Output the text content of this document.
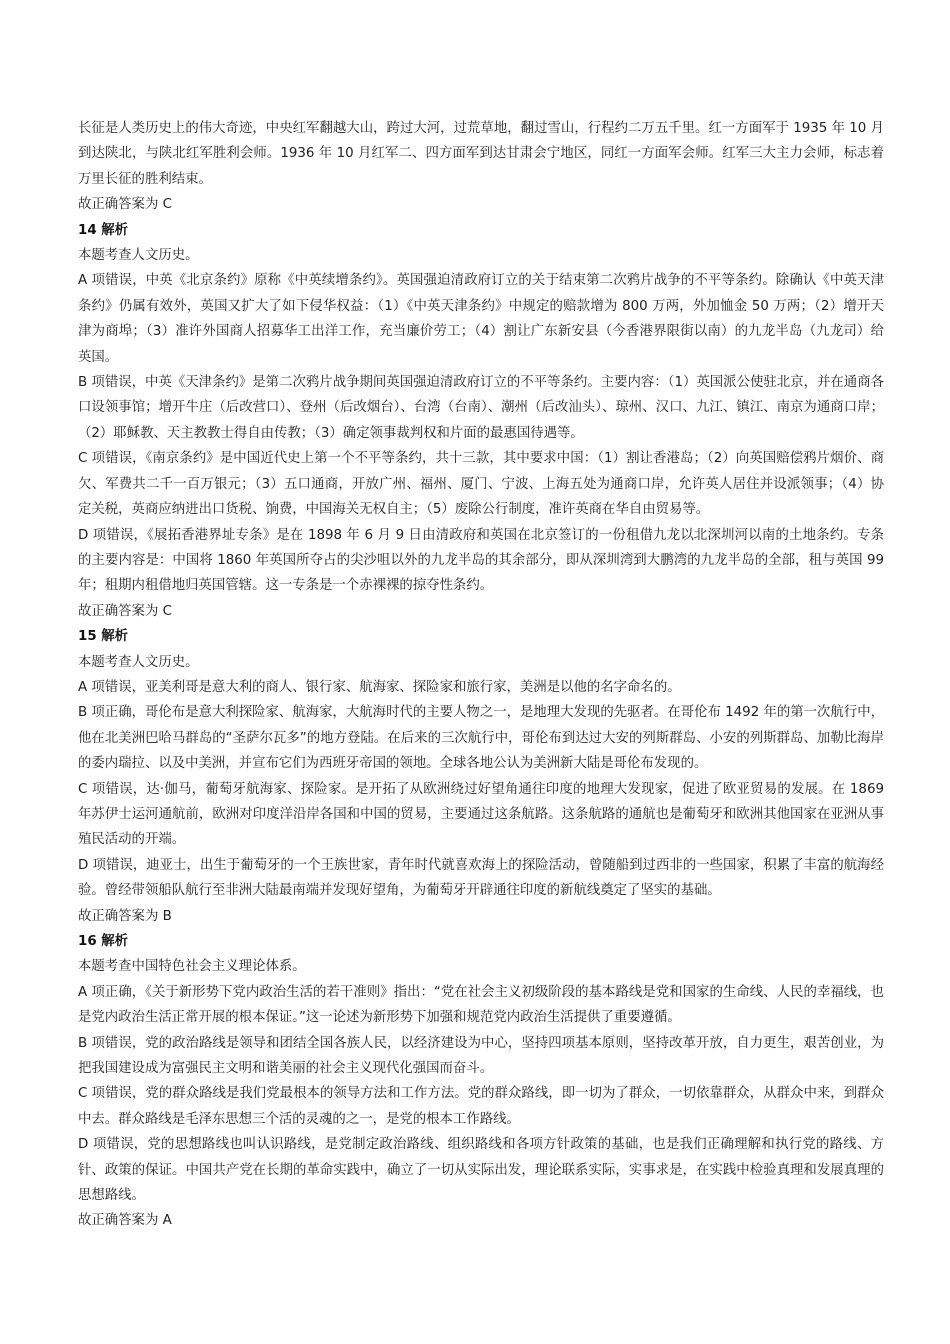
长征是人类历史上的伟大奇迹，中央红军翻越大山，跨过大河，过荒草地，翻过雪山，行程约二万五千里。红一方面军于 1935 年 10 月到达陕北，与陕北红军胜利会师。1936 年 10 月红军二、四方面军到达甘肃会宁地区，同红一方面军会师。红军三大主力会师，标志着万里长征的胜利结束。

故正确答案为 C

14 解析

本题考查人文历史。

A 项错误，中英《北京条约》原称《中英续增条约》。英国强迫清政府订立的关于结束第二次鸦片战争的不平等条约。除确认《中英天津条约》仍属有效外，英国又扩大了如下侵华权益：（1）《中英天津条约》中规定的赔款增为 800 万两，外加恤金 50 万两；（2）增开天津为商埠；（3）准许外国商人招募华工出洋工作，充当廉价劳工；（4）割让广东新安县（今香港界限街以南）的九龙半岛（九龙司）给英国。

B 项错误，中英《天津条约》是第二次鸦片战争期间英国强迫清政府订立的不平等条约。主要内容：（1）英国派公使驻北京，并在通商各口设领事馆；增开牛庄（后改营口）、登州（后改烟台）、台湾（台南）、潮州（后改汕头）、琼州、汉口、九江、镇江、南京为通商口岸；（2）耶稣教、天主教教士得自由传教；（3）确定领事裁判权和片面的最惠国待遇等。

C 项错误，《南京条约》是中国近代史上第一个不平等条约，共十三款，其中要求中国：（1）割让香港岛；（2）向英国赔偿鸦片烟价、商欠、军费共二千一百万银元；（3）五口通商，开放广州、福州、厦门、宁波、上海五处为通商口岸，允许英人居住并设派领事；（4）协定关税，英商应纳进出口货税、饷费，中国海关无权自主；（5）废除公行制度，准许英商在华自由贸易等。

D 项错误，《展拓香港界址专条》是在 1898 年 6 月 9 日由清政府和英国在北京签订的一份租借九龙以北深圳河以南的土地条约。专条的主要内容是：中国将 1860 年英国所夺占的尖沙咀以外的九龙半岛的其余部分，即从深圳湾到大鹏湾的九龙半岛的全部，租与英国 99 年；租期内租借地归英国管辖。这一专条是一个赤裸裸的掠夺性条约。

故正确答案为 C

15 解析

本题考查人文历史。

A 项错误，亚美利哥是意大利的商人、银行家、航海家、探险家和旅行家，美洲是以他的名字命名的。

B 项正确，哥伦布是意大利探险家、航海家，大航海时代的主要人物之一，是地理大发现的先驱者。在哥伦布 1492 年的第一次航行中，他在北美洲巴哈马群岛的“圣萨尔瓦多”的地方登陆。在后来的三次航行中，哥伦布到达过大安的列斯群岛、小安的列斯群岛、加勒比海岸的委内瑞拉、以及中美洲，并宣布它们为西班牙帝国的领地。全球各地公认为美洲新大陆是哥伦布发现的。

C 项错误，达·伽马，葡萄牙航海家、探险家。是开拓了从欧洲绕过好望角通往印度的地理大发现家，促进了欧亚贸易的发展。在 1869 年苏伊士运河通航前，欧洲对印度洋沿岸各国和中国的贸易，主要通过这条航路。这条航路的通航也是葡萄牙和欧洲其他国家在亚洲从事殖民活动的开端。

D 项错误，迪亚士，出生于葡萄牙的一个王族世家，青年时代就喜欢海上的探险活动，曾随船到过西非的一些国家，积累了丰富的航海经验。曾经带领船队航行至非洲大陆最南端并发现好望角，为葡萄牙开辟通往印度的新航线奠定了坚实的基础。

故正确答案为 B

16 解析

本题考查中国特色社会主义理论体系。

A 项正确，《关于新形势下党内政治生活的若干准则》指出：“党在社会主义初级阶段的基本路线是党和国家的生命线、人民的幸福线，也是党内政治生活正常开展的根本保证。”这一论述为新形势下加强和规范党内政治生活提供了重要遵循。

B 项错误，党的政治路线是领导和团结全国各族人民，以经济建设为中心，坚持四项基本原则，坚持改革开放，自力更生，艰苦创业，为把我国建设成为富强民主文明和谐美丽的社会主义现代化强国而奋斗。

C 项错误，党的群众路线是我们党最根本的领导方法和工作方法。党的群众路线，即一切为了群众，一切依靠群众，从群众中来，到群众中去。群众路线是毛泽东思想三个活的灵魂的之一，是党的根本工作路线。

D 项错误，党的思想路线也叫认识路线，是党制定政治路线、组织路线和各项方针政策的基础，也是我们正确理解和执行党的路线、方针、政策的保证。中国共产党在长期的革命实践中，确立了一切从实际出发，理论联系实际，实事求是，在实践中检验真理和发展真理的思想路线。

故正确答案为 A
